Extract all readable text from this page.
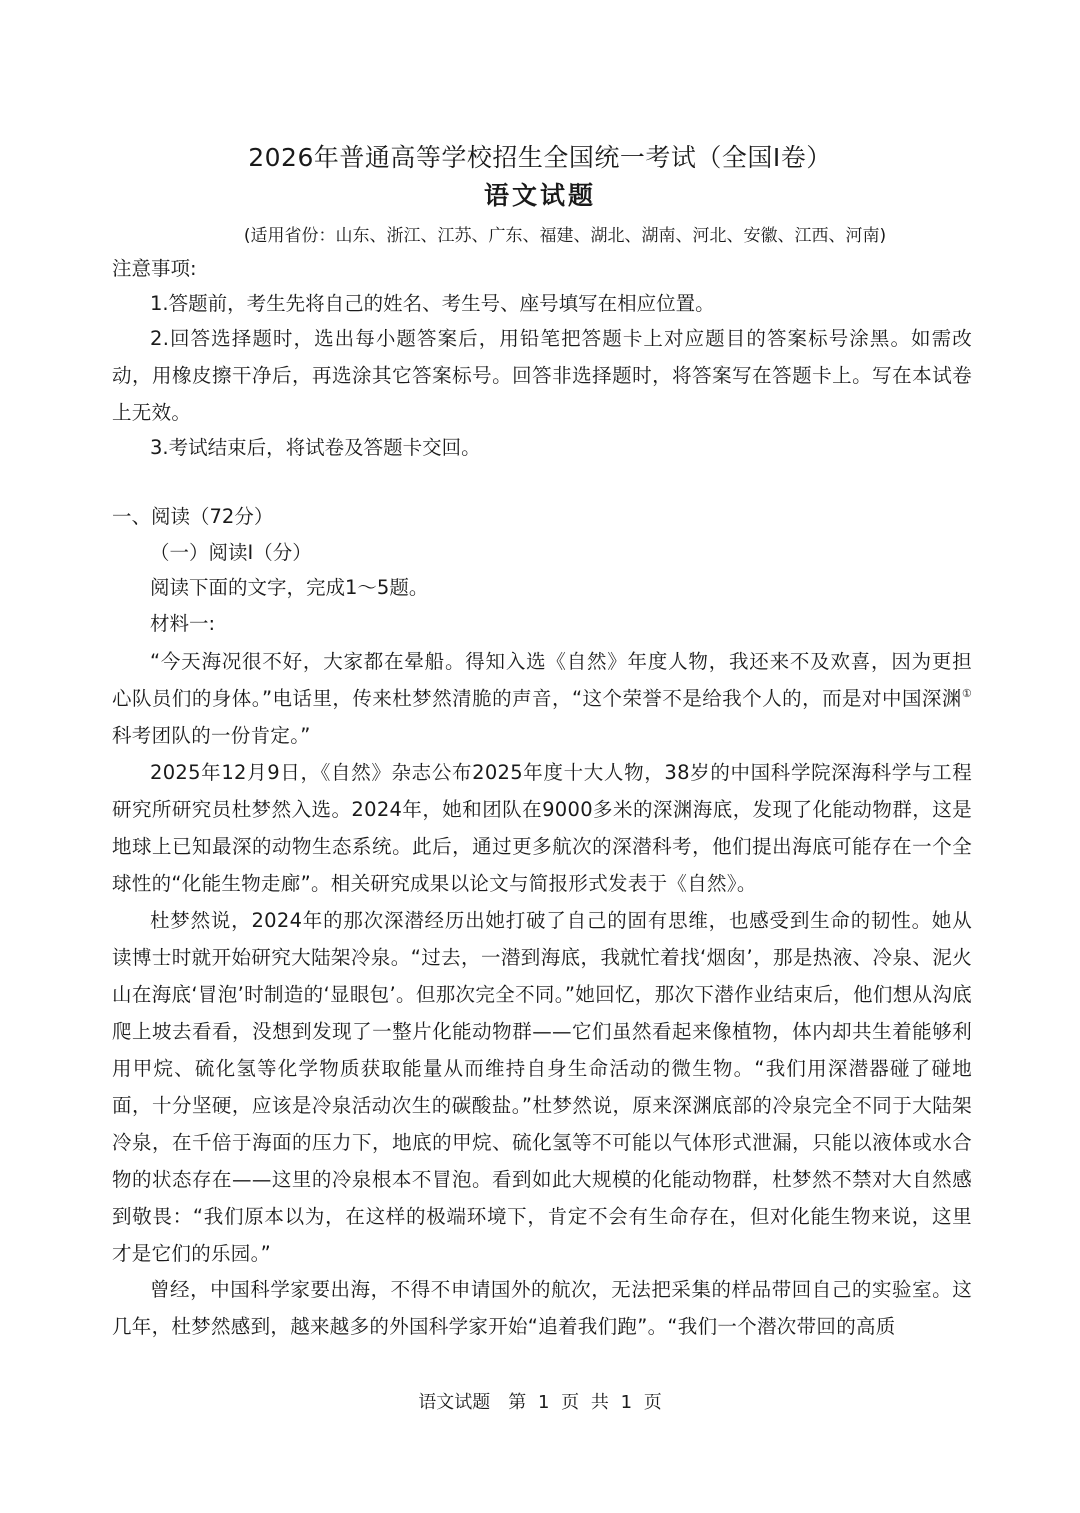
2026年普通高等学校招生全国统一考试（全国Ⅰ卷）
语文试题
(适用省份：山东、浙江、江苏、广东、福建、湖北、湖南、河北、安徽、江西、河南)
注意事项:
1.答题前，考生先将自己的姓名、考生号、座号填写在相应位置。
2.回答选择题时，选出每小题答案后，用铅笔把答题卡上对应题目的答案标号涂黑。如需改动，用橡皮擦干净后，再选涂其它答案标号。回答非选择题时，将答案写在答题卡上。写在本试卷上无效。
3.考试结束后，将试卷及答题卡交回。
一、阅读（72分）
（一）阅读Ⅰ（分）
阅读下面的文字，完成1～5题。
材料一:
“今天海况很不好，大家都在晕船。得知入选《自然》年度人物，我还来不及欢喜，因为更担心队员们的身体。”电话里，传来杜梦然清脆的声音，“这个荣誉不是给我个人的，而是对中国深渊①科考团队的一份肯定。”
2025年12月9日，《自然》杂志公布2025年度十大人物，38岁的中国科学院深海科学与工程研究所研究员杜梦然入选。2024年，她和团队在9000多米的深渊海底，发现了化能动物群，这是地球上已知最深的动物生态系统。此后，通过更多航次的深潜科考，他们提出海底可能存在一个全球性的“化能生物走廊”。相关研究成果以论文与简报形式发表于《自然》。
杜梦然说，2024年的那次深潜经历出她打破了自己的固有思维，也感受到生命的韧性。她从读博士时就开始研究大陆架冷泉。“过去，一潜到海底，我就忙着找‘烟囱’，那是热液、冷泉、泥火山在海底‘冒泡’时制造的‘显眼包’。但那次完全不同。”她回忆，那次下潜作业结束后，他们想从沟底爬上坡去看看，没想到发现了一整片化能动物群——它们虽然看起来像植物，体内却共生着能够利用甲烷、硫化氢等化学物质获取能量从而维持自身生命活动的微生物。“我们用深潜器碰了碰地面，十分坚硬，应该是冷泉活动次生的碳酸盐。”杜梦然说，原来深渊底部的冷泉完全不同于大陆架冷泉，在千倍于海面的压力下，地底的甲烷、硫化氢等不可能以气体形式泄漏，只能以液体或水合物的状态存在——这里的冷泉根本不冒泡。看到如此大规模的化能动物群，杜梦然不禁对大自然感到敬畏：“我们原本以为，在这样的极端环境下，肯定不会有生命存在，但对化能生物来说，这里才是它们的乐园。”
曾经，中国科学家要出海，不得不申请国外的航次，无法把采集的样品带回自己的实验室。这几年，杜梦然感到，越来越多的外国科学家开始“追着我们跑”。“我们一个潜次带回的高质
语文试题　第 1 页 共 1 页
